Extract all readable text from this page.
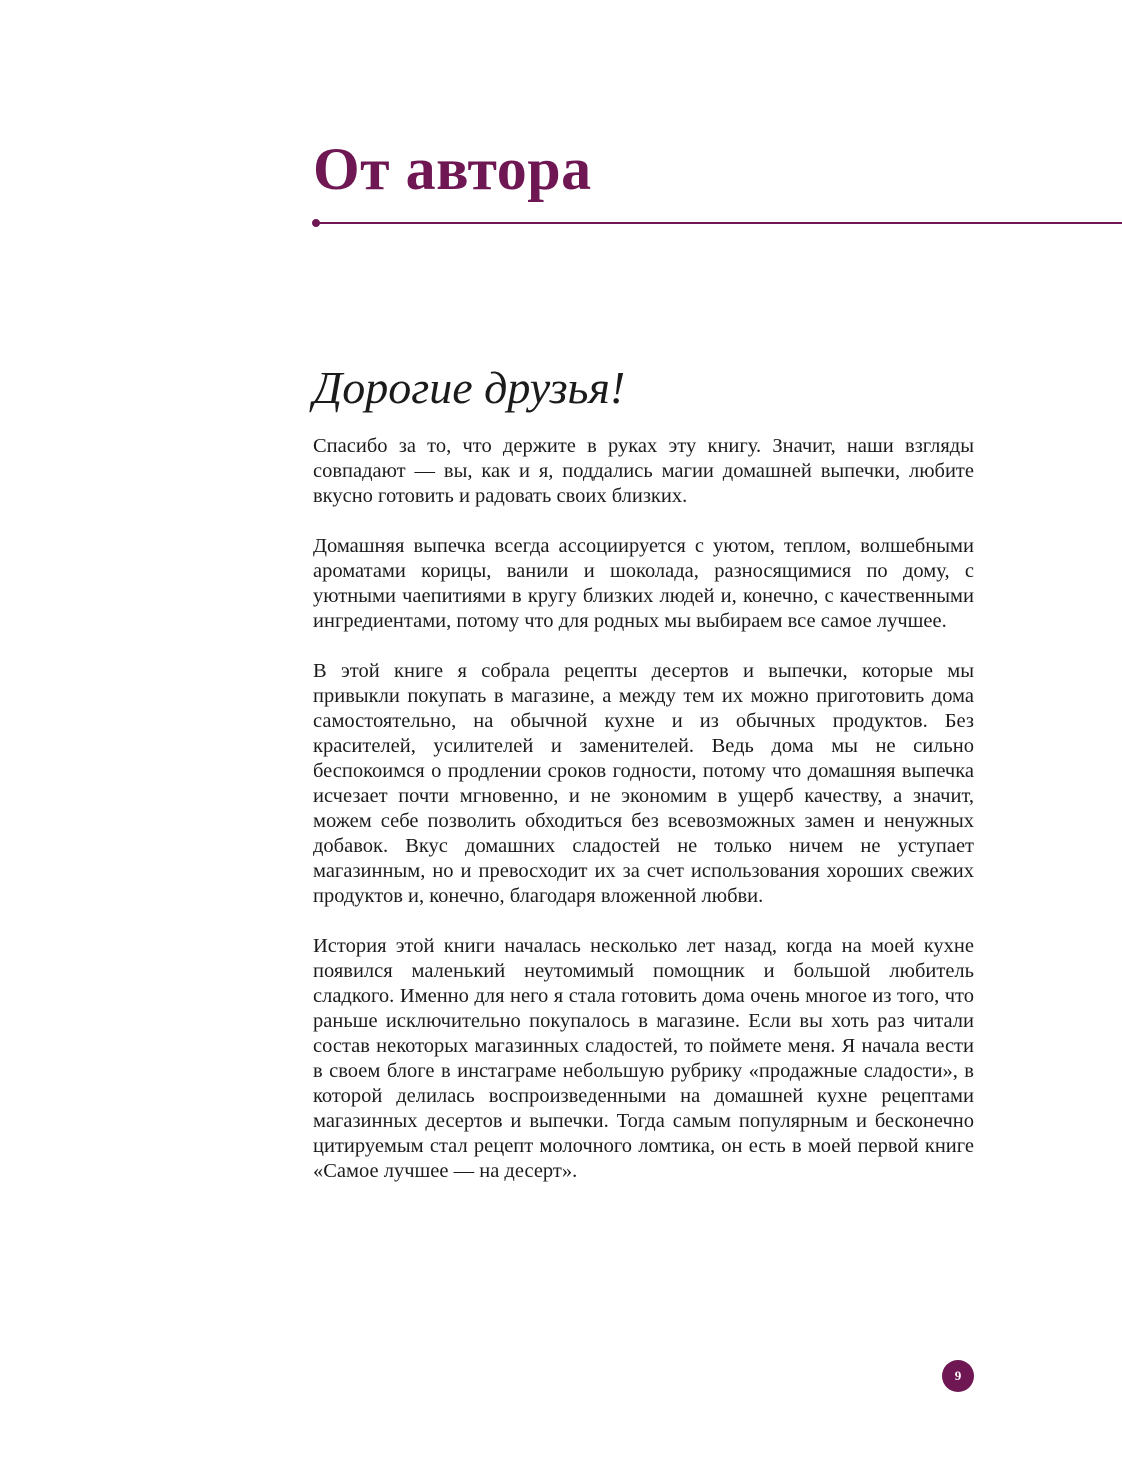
От автора
Дорогие друзья!

Спасибо за то, что держите в руках эту книгу. Значит, наши взгляды совпадают — вы, как и я, поддались магии домашней выпечки, любите вкусно готовить и радовать своих близких.

Домашняя выпечка всегда ассоциируется с уютом, теплом, волшебными ароматами корицы, ванили и шоколада, разносящимися по дому, с уютными чаепитиями в кругу близких людей и, конечно, с качественными ингредиентами, потому что для родных мы выбираем все самое лучшее.

В этой книге я собрала рецепты десертов и выпечки, которые мы привыкли покупать в магазине, а между тем их можно приготовить дома самостоятельно, на обычной кухне и из обычных продуктов. Без красителей, усилителей и заменителей. Ведь дома мы не сильно беспокоимся о продлении сроков годности, потому что домашняя выпечка исчезает почти мгновенно, и не экономим в ущерб качеству, а значит, можем себе позволить обходиться без всевозможных замен и ненужных добавок. Вкус домашних сладостей не только ничем не уступает магазинным, но и превосходит их за счет использования хороших свежих продуктов и, конечно, благодаря вложенной любви.

История этой книги началась несколько лет назад, когда на моей кухне появился маленький неутомимый помощник и большой любитель сладкого. Именно для него я стала готовить дома очень многое из того, что раньше исключительно покупалось в магазине. Если вы хоть раз читали состав некоторых магазинных сладостей, то поймете меня. Я начала вести в своем блоге в инстаграме небольшую рубрику «продажные сладости», в которой делилась воспроизведенными на домашней кухне рецептами магазинных десертов и выпечки. Тогда самым популярным и бесконечно цитируемым стал рецепт молочного ломтика, он есть в моей первой книге «Самое лучшее — на десерт».

9
